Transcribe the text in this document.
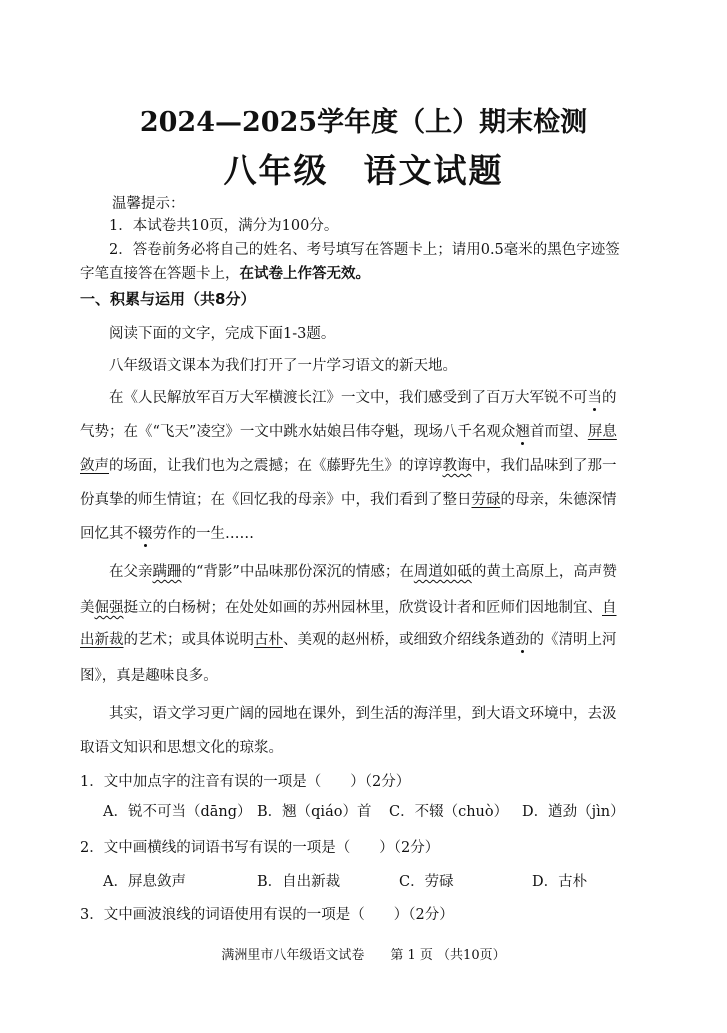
2024—2025学年度（上）期末检测
八年级　语文试题
温馨提示：
1．本试卷共10页，满分为100分。
2．答卷前务必将自己的姓名、考号填写在答题卡上；请用0.5毫米的黑色字迹签
字笔直接答在答题卡上，在试卷上作答无效。
一、积累与运用（共8分）
阅读下面的文字，完成下面1-3题。
八年级语文课本为我们打开了一片学习语文的新天地。
在《人民解放军百万大军横渡长江》一文中，我们感受到了百万大军锐不可当的
气势；在《“飞天”凌空》一文中跳水姑娘吕伟夺魁，现场八千名观众翘首而望、屏息
敛声的场面，让我们也为之震撼；在《藤野先生》的谆谆教诲中，我们品味到了那一
份真挚的师生情谊；在《回忆我的母亲》中，我们看到了整日劳碌的母亲，朱德深情
回忆其不辍劳作的一生……
在父亲蹒跚的“背影”中品味那份深沉的情感；在周道如砥的黄土高原上，高声赞
美倔强挺立的白杨树；在处处如画的苏州园林里，欣赏设计者和匠师们因地制宜、自
出新裁的艺术；或具体说明古朴、美观的赵州桥，或细致介绍线条遒劲的《清明上河
图》，真是趣味良多。
其实，语文学习更广阔的园地在课外，到生活的海洋里，到大语文环境中，去汲
取语文知识和思想文化的琼浆。
1．文中加点字的注音有误的一项是（　　）（2分）
A．锐不可当（dāng） B．翘（qiáo）首 C．不辍（chuò） D．遒劲（jìn）
2．文中画横线的词语书写有误的一项是（　　）（2分）
A．屏息敛声	B．自出新裁	C．劳碌	D．古朴
3．文中画波浪线的词语使用有误的一项是（　　）（2分）
满洲里市八年级语文试卷　　第 1 页 （共10页）
